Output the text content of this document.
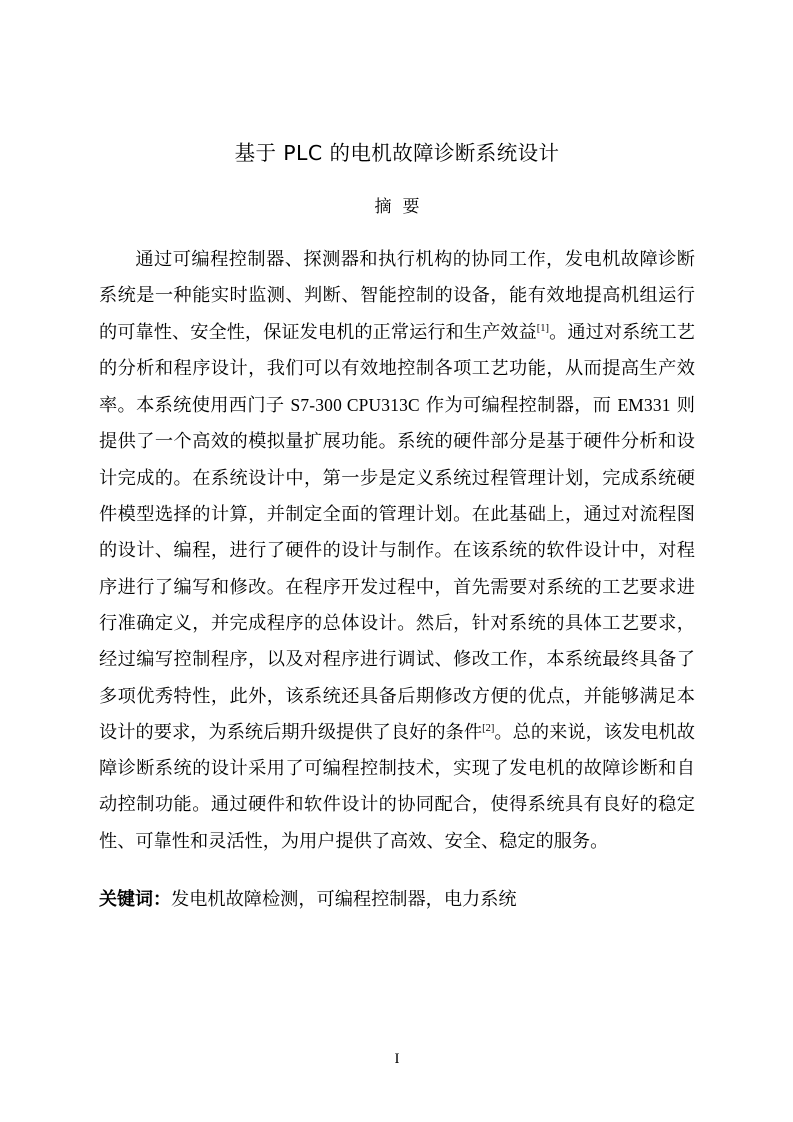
基于 PLC 的电机故障诊断系统设计
摘 要

通过可编程控制器、探测器和执行机构的协同工作，发电机故障诊断系统是一种能实时监测、判断、智能控制的设备，能有效地提高机组运行的可靠性、安全性，保证发电机的正常运行和生产效益[1]。通过对系统工艺的分析和程序设计，我们可以有效地控制各项工艺功能，从而提高生产效率。本系统使用西门子 S7-300 CPU313C 作为可编程控制器，而 EM331 则提供了一个高效的模拟量扩展功能。系统的硬件部分是基于硬件分析和设计完成的。在系统设计中，第一步是定义系统过程管理计划，完成系统硬件模型选择的计算，并制定全面的管理计划。在此基础上，通过对流程图的设计、编程，进行了硬件的设计与制作。在该系统的软件设计中，对程序进行了编写和修改。在程序开发过程中，首先需要对系统的工艺要求进行准确定义，并完成程序的总体设计。然后，针对系统的具体工艺要求，经过编写控制程序，以及对程序进行调试、修改工作，本系统最终具备了多项优秀特性，此外，该系统还具备后期修改方便的优点，并能够满足本设计的要求，为系统后期升级提供了良好的条件[2]。总的来说，该发电机故障诊断系统的设计采用了可编程控制技术，实现了发电机的故障诊断和自动控制功能。通过硬件和软件设计的协同配合，使得系统具有良好的稳定性、可靠性和灵活性，为用户提供了高效、安全、稳定的服务。

关键词：发电机故障检测，可编程控制器，电力系统

I
